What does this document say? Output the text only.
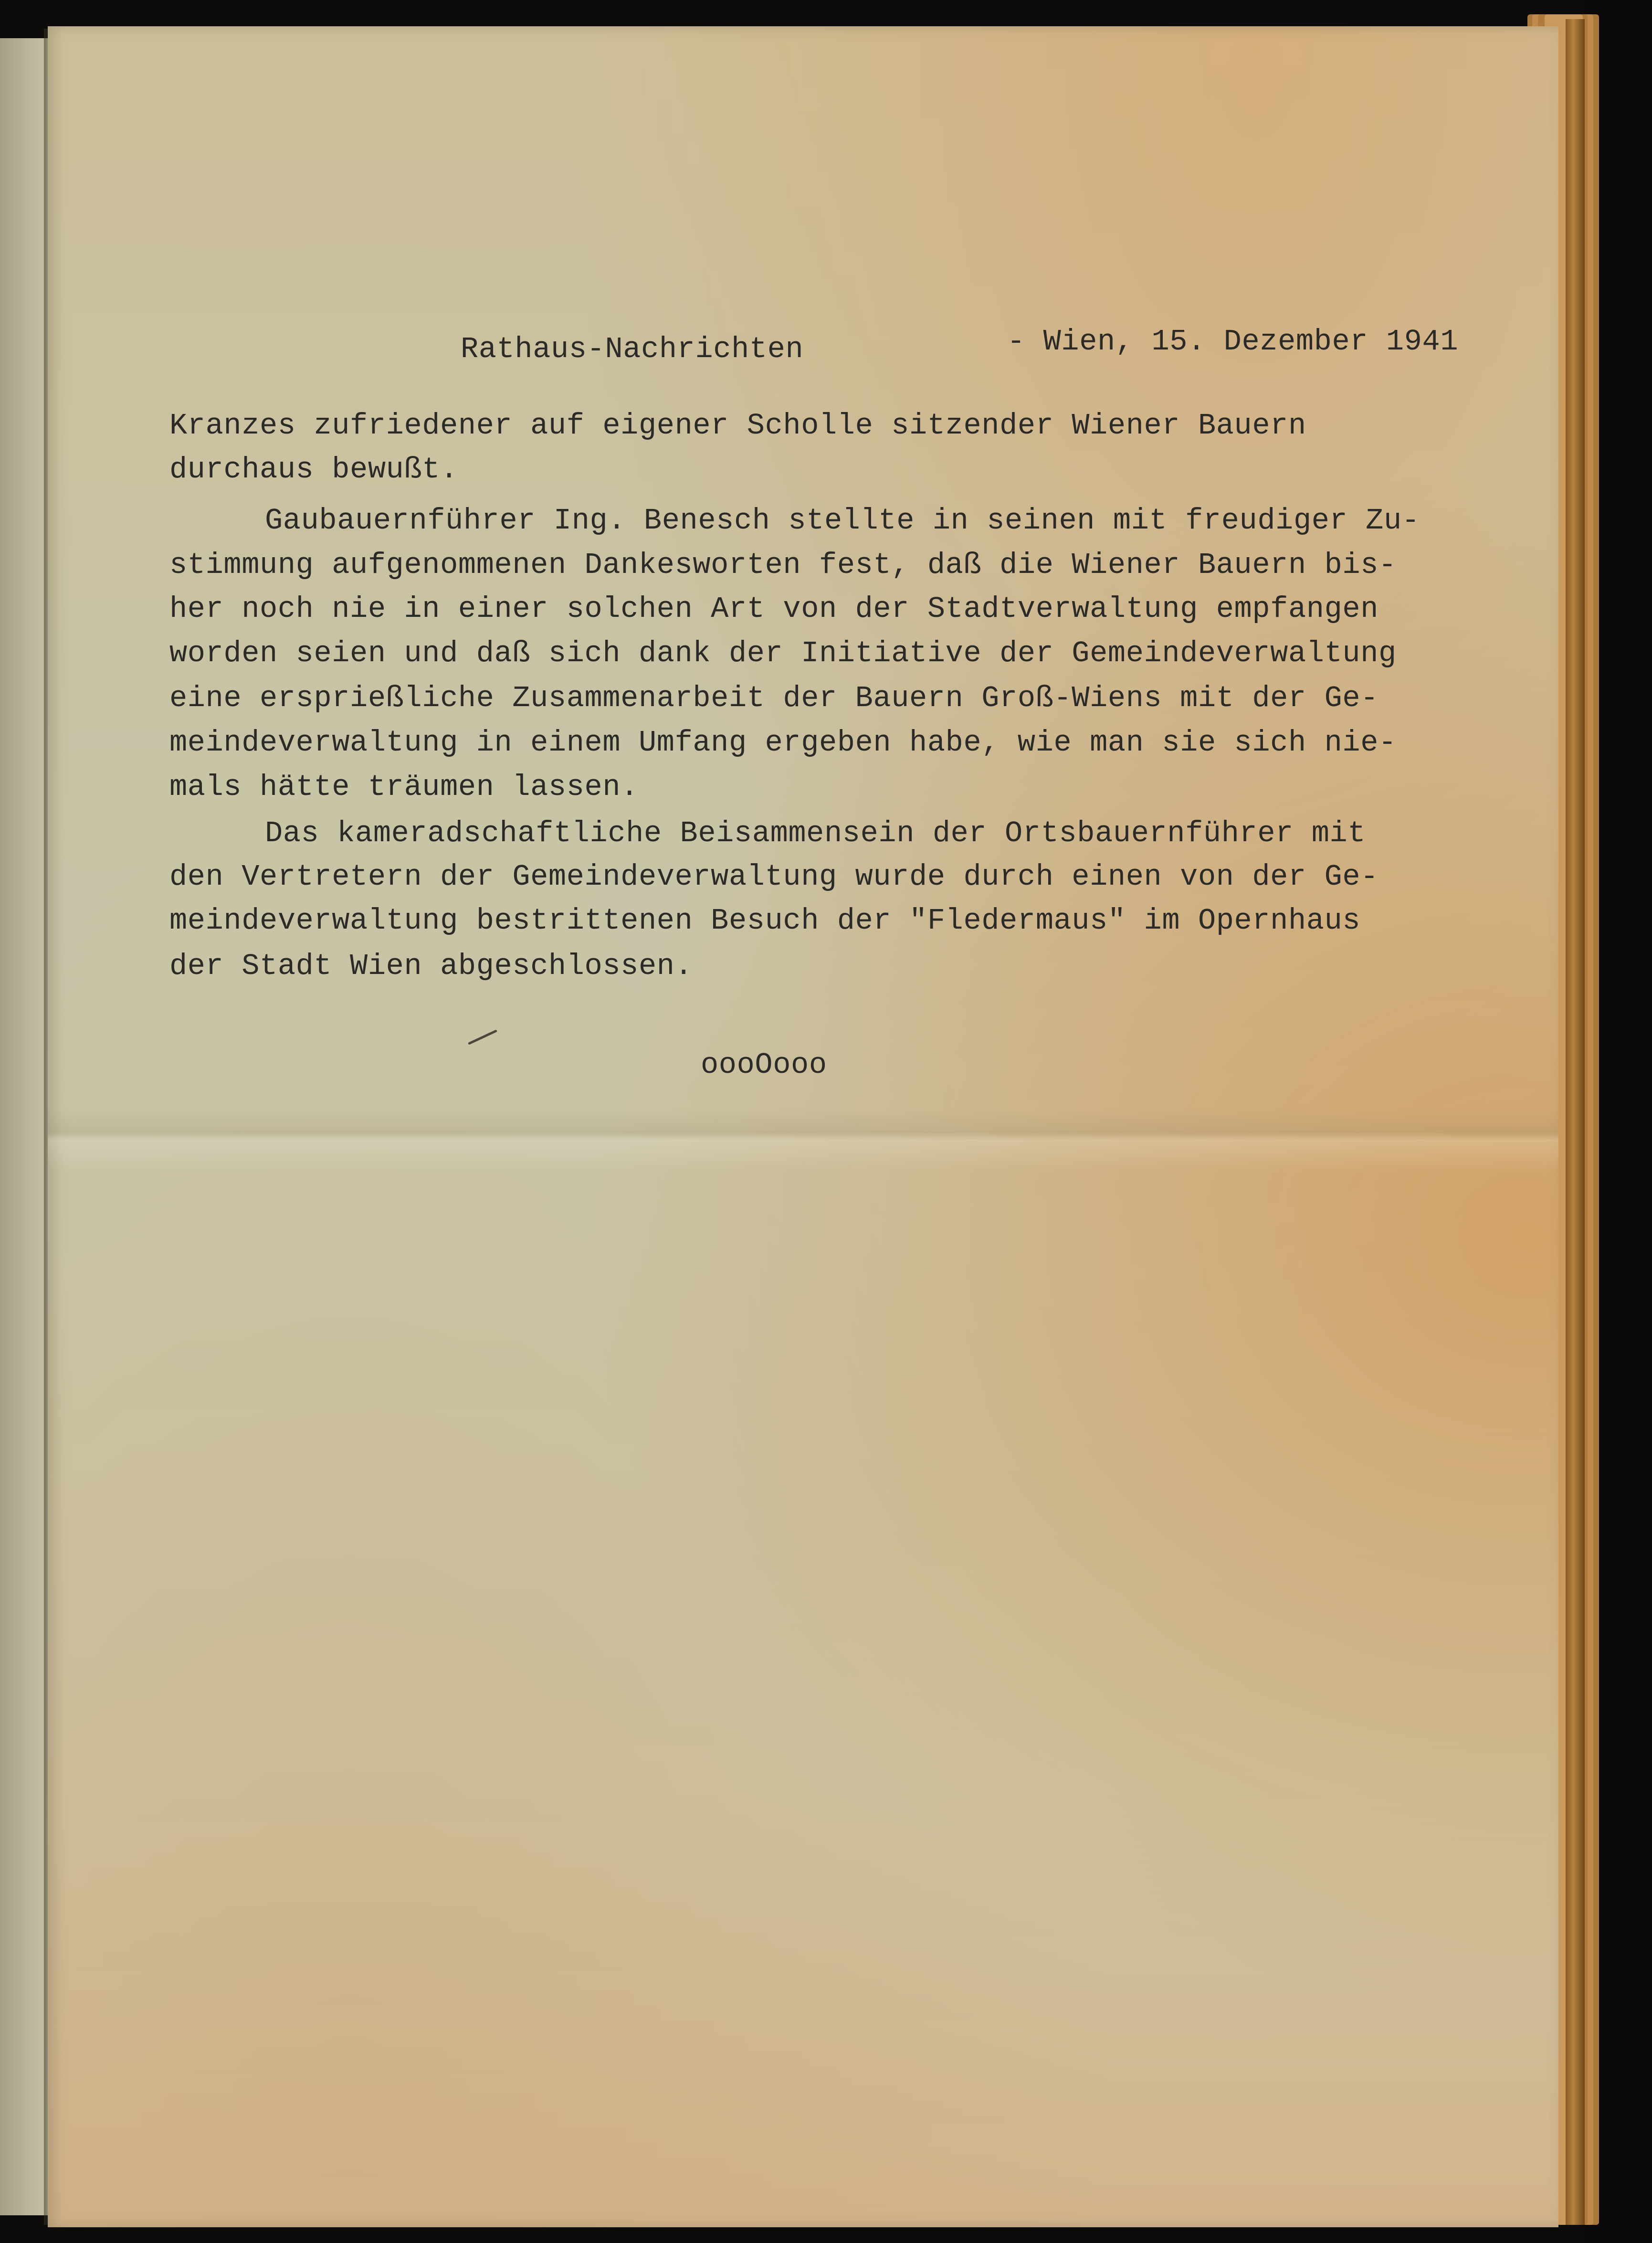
Rathaus-Nachrichten	- Wien, 15. Dezember 1941

Kranzes zufriedener auf eigener Scholle sitzender Wiener Bauern

durchaus bewußt.

Gaubauernführer Ing. Benesch stellte in seinen mit freudiger Zu-

stimmung aufgenommenen Dankesworten fest, daß die Wiener Bauern bis-

her noch nie in einer solchen Art von der Stadtverwaltung empfangen

worden seien und daß sich dank der Initiative der Gemeindeverwaltung

eine ersprießliche Zusammenarbeit der Bauern Groß-Wiens mit der Ge-

meindeverwaltung in einem Umfang ergeben habe, wie man sie sich nie-

mals hätte träumen lassen.

Das kameradschaftliche Beisammensein der Ortsbauernführer mit

den Vertretern der Gemeindeverwaltung wurde durch einen von der Ge-

meindeverwaltung bestrittenen Besuch der "Fledermaus" im Opernhaus

der Stadt Wien abgeschlossen.

oooOooo
